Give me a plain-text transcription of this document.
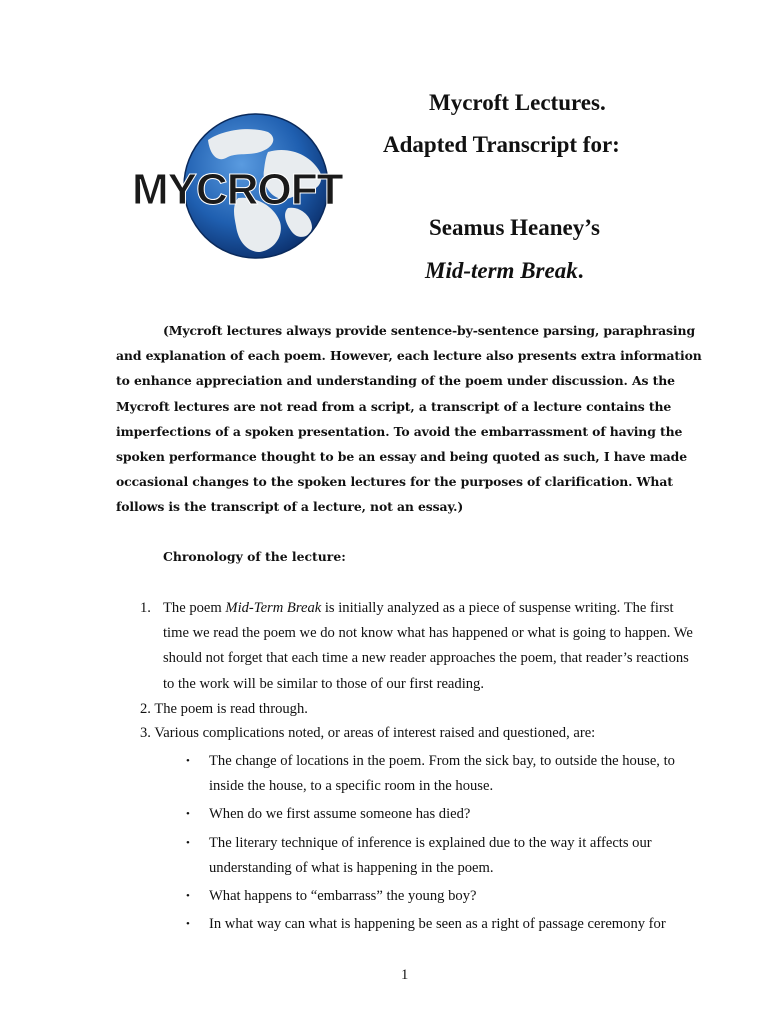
MYCROFT
Mycroft Lectures.
Adapted Transcript for:
Seamus Heaney’s
Mid-term Break.
(Mycroft lectures always provide sentence-by-sentence parsing, paraphrasing and explanation of each poem. However, each lecture also presents extra information to enhance appreciation and understanding of the poem under discussion. As the Mycroft lectures are not read from a script, a transcript of a lecture contains the imperfections of a spoken presentation. To avoid the embarrassment of having the spoken performance thought to be an essay and being quoted as such, I have made occasional changes to the spoken lectures for the purposes of clarification. What follows is the transcript of a lecture, not an essay.)
Chronology of the lecture:
1. The poem Mid-Term Break is initially analyzed as a piece of suspense writing. The first time we read the poem we do not know what has happened or what is going to happen. We should not forget that each time a new reader approaches the poem, that reader’s reactions to the work will be similar to those of our first reading.
2. The poem is read through.
3. Various complications noted, or areas of interest raised and questioned, are:
• The change of locations in the poem. From the sick bay, to outside the house, to inside the house, to a specific room in the house.
• When do we first assume someone has died?
• The literary technique of inference is explained due to the way it affects our understanding of what is happening in the poem.
• What happens to “embarrass” the young boy?
• In what way can what is happening be seen as a right of passage ceremony for
1
